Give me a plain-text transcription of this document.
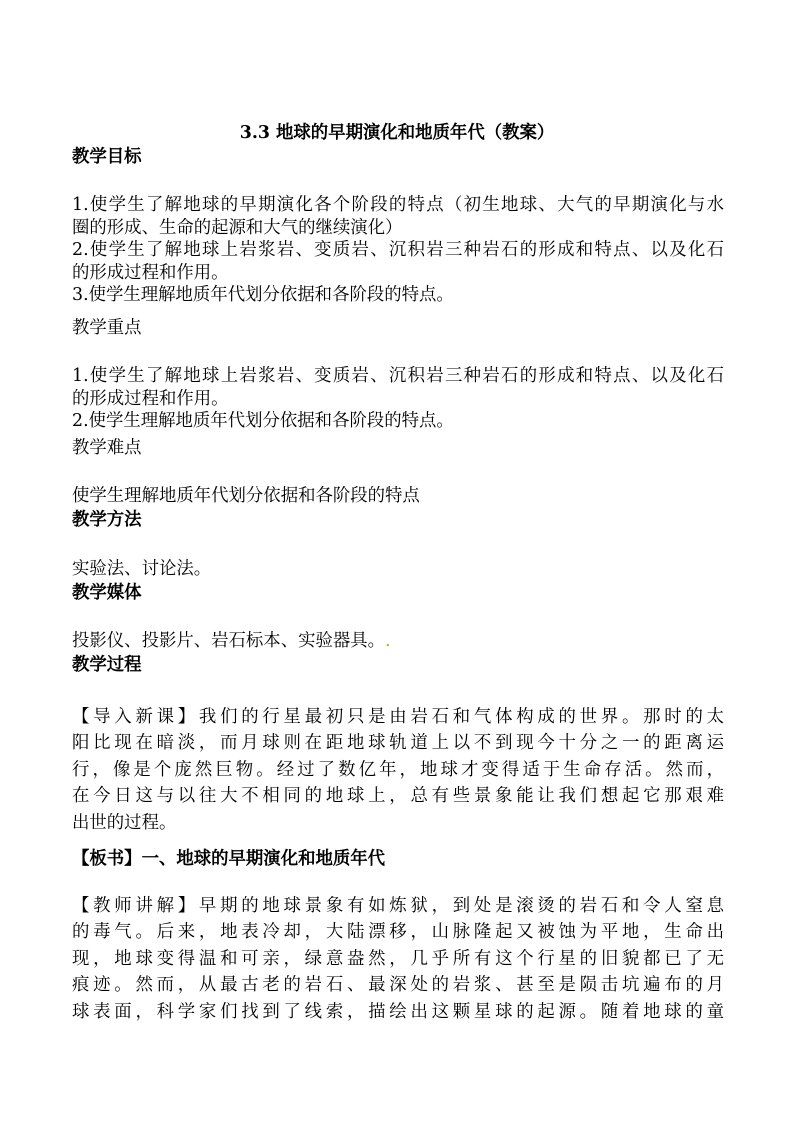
3.3 地球的早期演化和地质年代（教案）
教学目标
1.使学生了解地球的早期演化各个阶段的特点（初生地球、大气的早期演化与水
圈的形成、生命的起源和大气的继续演化）
2.使学生了解地球上岩浆岩、变质岩、沉积岩三种岩石的形成和特点、以及化石
的形成过程和作用。
3.使学生理解地质年代划分依据和各阶段的特点。
教学重点
1.使学生了解地球上岩浆岩、变质岩、沉积岩三种岩石的形成和特点、以及化石
的形成过程和作用。
2.使学生理解地质年代划分依据和各阶段的特点。
教学难点
使学生理解地质年代划分依据和各阶段的特点
教学方法
实验法、讨论法。
教学媒体
投影仪、投影片、岩石标本、实验器具。.
教学过程
【导入新课】我们的行星最初只是由岩石和气体构成的世界。那时的太
阳比现在暗淡，而月球则在距地球轨道上以不到现今十分之一的距离运
行，像是个庞然巨物。经过了数亿年，地球才变得适于生命存活。然而，
在今日这与以往大不相同的地球上，总有些景象能让我们想起它那艰难
出世的过程。
【板书】一、地球的早期演化和地质年代
【教师讲解】早期的地球景象有如炼狱，到处是滚烫的岩石和令人窒息
的毒气。后来，地表冷却，大陆漂移，山脉隆起又被蚀为平地，生命出
现，地球变得温和可亲，绿意盎然，几乎所有这个行星的旧貌都已了无
痕迹。然而，从最古老的岩石、最深处的岩浆、甚至是陨击坑遍布的月
球表面，科学家们找到了线索，描绘出这颗星球的起源。随着地球的童
